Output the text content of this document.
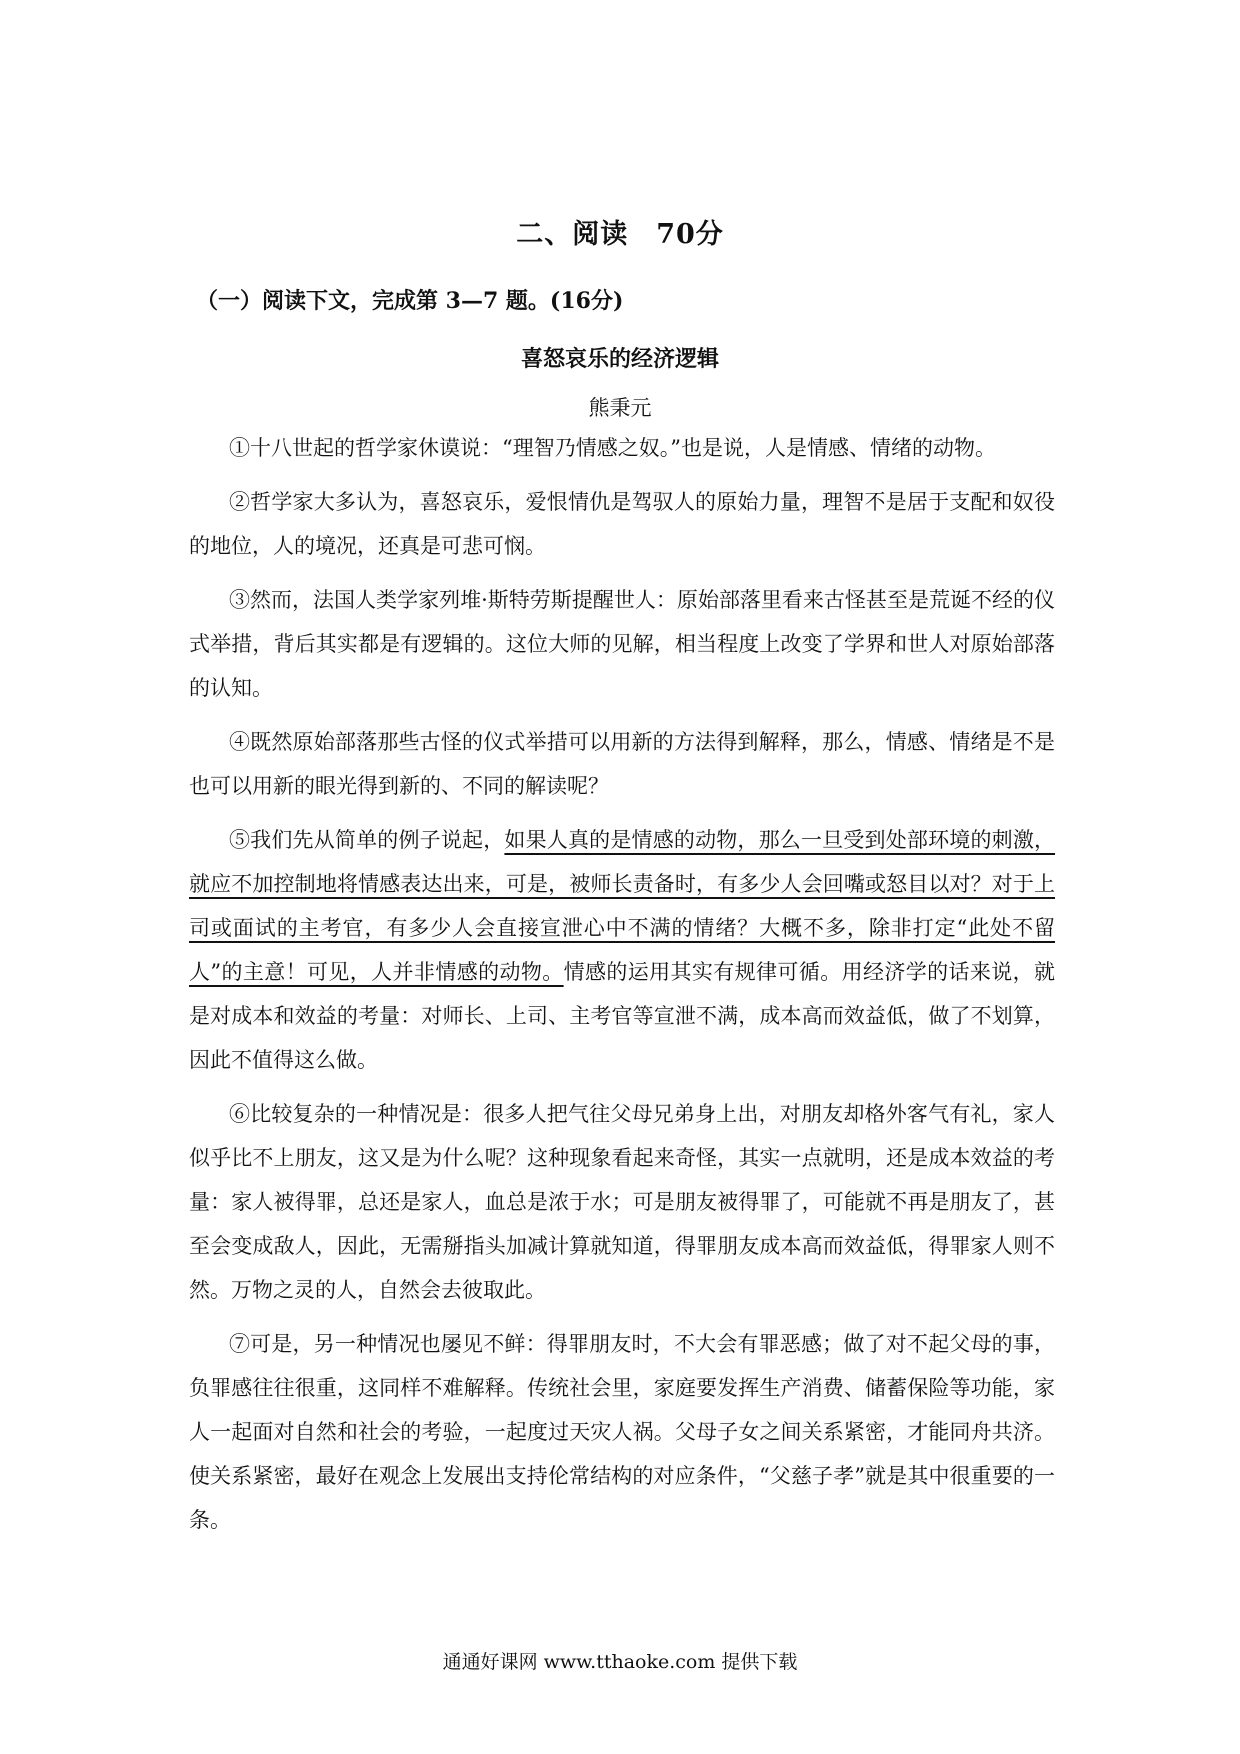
二、阅读　70分
（一）阅读下文，完成第 3—7 题。(16分)
喜怒哀乐的经济逻辑
熊秉元

①十八世起的哲学家休谟说：“理智乃情感之奴。”也是说，人是情感、情绪的动物。

②哲学家大多认为，喜怒哀乐，爱恨情仇是驾驭人的原始力量，理智不是居于支配和奴役的地位，人的境况，还真是可悲可悯。

③然而，法国人类学家列堆·斯特劳斯提醒世人：原始部落里看来古怪甚至是荒诞不经的仪式举措，背后其实都是有逻辑的。这位大师的见解，相当程度上改变了学界和世人对原始部落的认知。

④既然原始部落那些古怪的仪式举措可以用新的方法得到解释，那么，情感、情绪是不是也可以用新的眼光得到新的、不同的解读呢？

⑤我们先从简单的例子说起，如果人真的是情感的动物，那么一旦受到处部环境的刺激，就应不加控制地将情感表达出来，可是，被师长责备时，有多少人会回嘴或怒目以对？对于上司或面试的主考官，有多少人会直接宣泄心中不满的情绪？大概不多，除非打定“此处不留人”的主意！可见，人并非情感的动物。情感的运用其实有规律可循。用经济学的话来说，就是对成本和效益的考量：对师长、上司、主考官等宣泄不满，成本高而效益低，做了不划算，因此不值得这么做。

⑥比较复杂的一种情况是：很多人把气往父母兄弟身上出，对朋友却格外客气有礼，家人似乎比不上朋友，这又是为什么呢？这种现象看起来奇怪，其实一点就明，还是成本效益的考量：家人被得罪，总还是家人，血总是浓于水；可是朋友被得罪了，可能就不再是朋友了，甚至会变成敌人，因此，无需掰指头加减计算就知道，得罪朋友成本高而效益低，得罪家人则不然。万物之灵的人，自然会去彼取此。

⑦可是，另一种情况也屡见不鲜：得罪朋友时，不大会有罪恶感；做了对不起父母的事，负罪感往往很重，这同样不难解释。传统社会里，家庭要发挥生产消费、储蓄保险等功能，家人一起面对自然和社会的考验，一起度过天灾人祸。父母子女之间关系紧密，才能同舟共济。使关系紧密，最好在观念上发展出支持伦常结构的对应条件，“父慈子孝”就是其中很重要的一条。

通通好课网 www.tthaoke.com 提供下载
